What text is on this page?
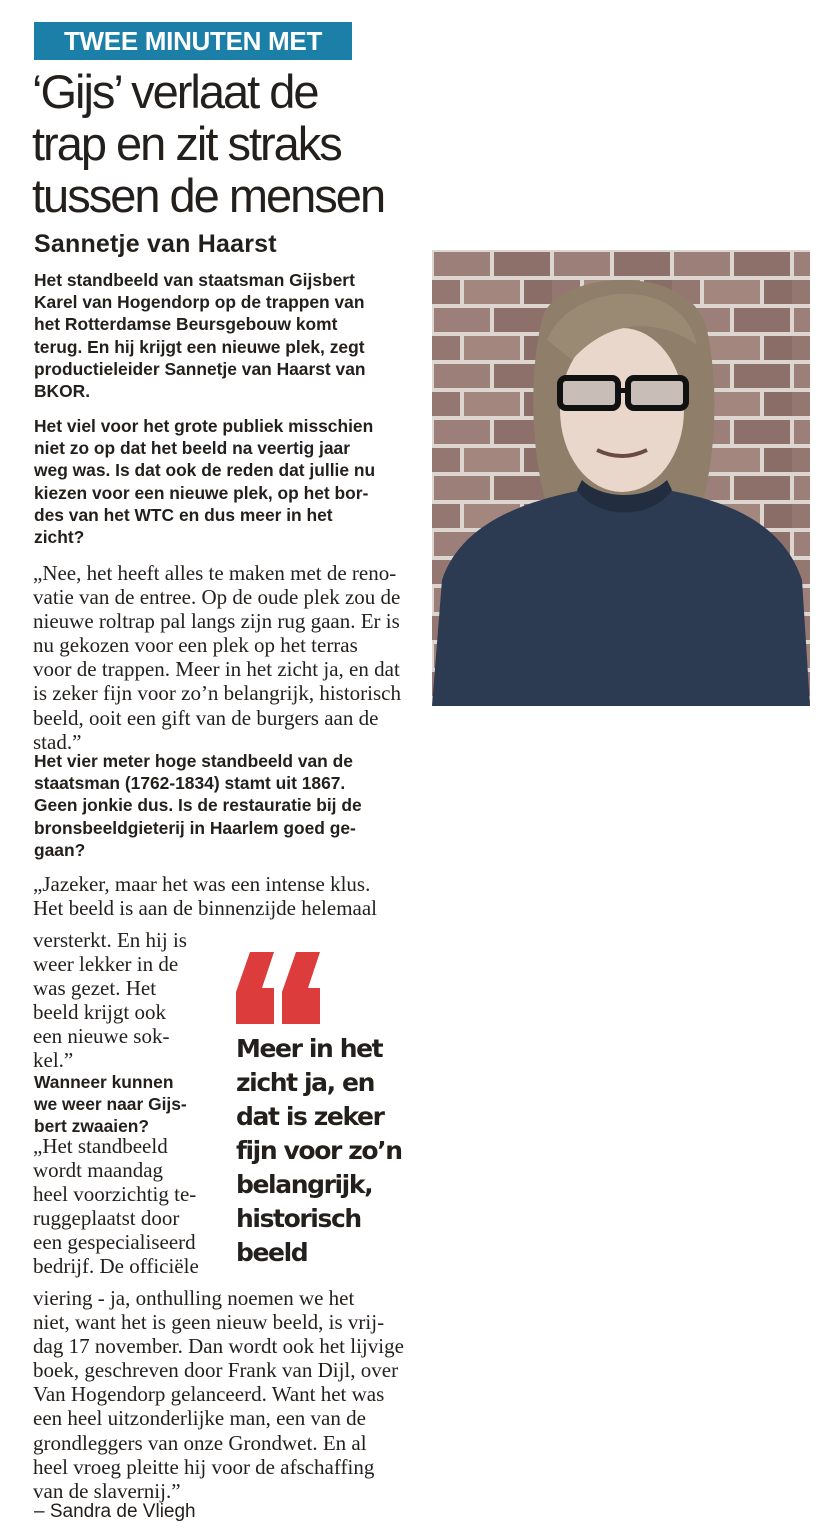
TWEE MINUTEN MET
‘Gijs’ verlaat de
trap en zit straks
tussen de mensen
Sannetje van Haarst
Het standbeeld van staatsman Gijsbert
Karel van Hogendorp op de trappen van
het Rotterdamse Beursgebouw komt
terug. En hij krijgt een nieuwe plek, zegt
productieleider Sannetje van Haarst van
BKOR.
Het viel voor het grote publiek misschien
niet zo op dat het beeld na veertig jaar
weg was. Is dat ook de reden dat jullie nu
kiezen voor een nieuwe plek, op het bor-
des van het WTC en dus meer in het
zicht?
„Nee, het heeft alles te maken met de reno-
vatie van de entree. Op de oude plek zou de
nieuwe roltrap pal langs zijn rug gaan. Er is
nu gekozen voor een plek op het terras
voor de trappen. Meer in het zicht ja, en dat
is zeker fijn voor zo’n belangrijk, historisch
beeld, ooit een gift van de burgers aan de
stad.”
Het vier meter hoge standbeeld van de
staatsman (1762-1834) stamt uit 1867.
Geen jonkie dus. Is de restauratie bij de
bronsbeeldgieterij in Haarlem goed ge-
gaan?
„Jazeker, maar het was een intense klus.
Het beeld is aan de binnenzijde helemaal
versterkt. En hij is
weer lekker in de
was gezet. Het
beeld krijgt ook
een nieuwe sok-
kel.”
Wanneer kunnen
we weer naar Gijs-
bert zwaaien?
„Het standbeeld
wordt maandag
heel voorzichtig te-
ruggeplaatst door
een gespecialiseerd
bedrijf. De officiële
viering - ja, onthulling noemen we het
niet, want het is geen nieuw beeld, is vrij-
dag 17 november. Dan wordt ook het lijvige
boek, geschreven door Frank van Dijl, over
Van Hogendorp gelanceerd. Want het was
een heel uitzonderlijke man, een van de
grondleggers van onze Grondwet. En al
heel vroeg pleitte hij voor de afschaffing
van de slavernij.”
– Sandra de Vliegh
Meer in het
zicht ja, en
dat is zeker
fijn voor zo’n
belangrijk,
historisch
beeld
